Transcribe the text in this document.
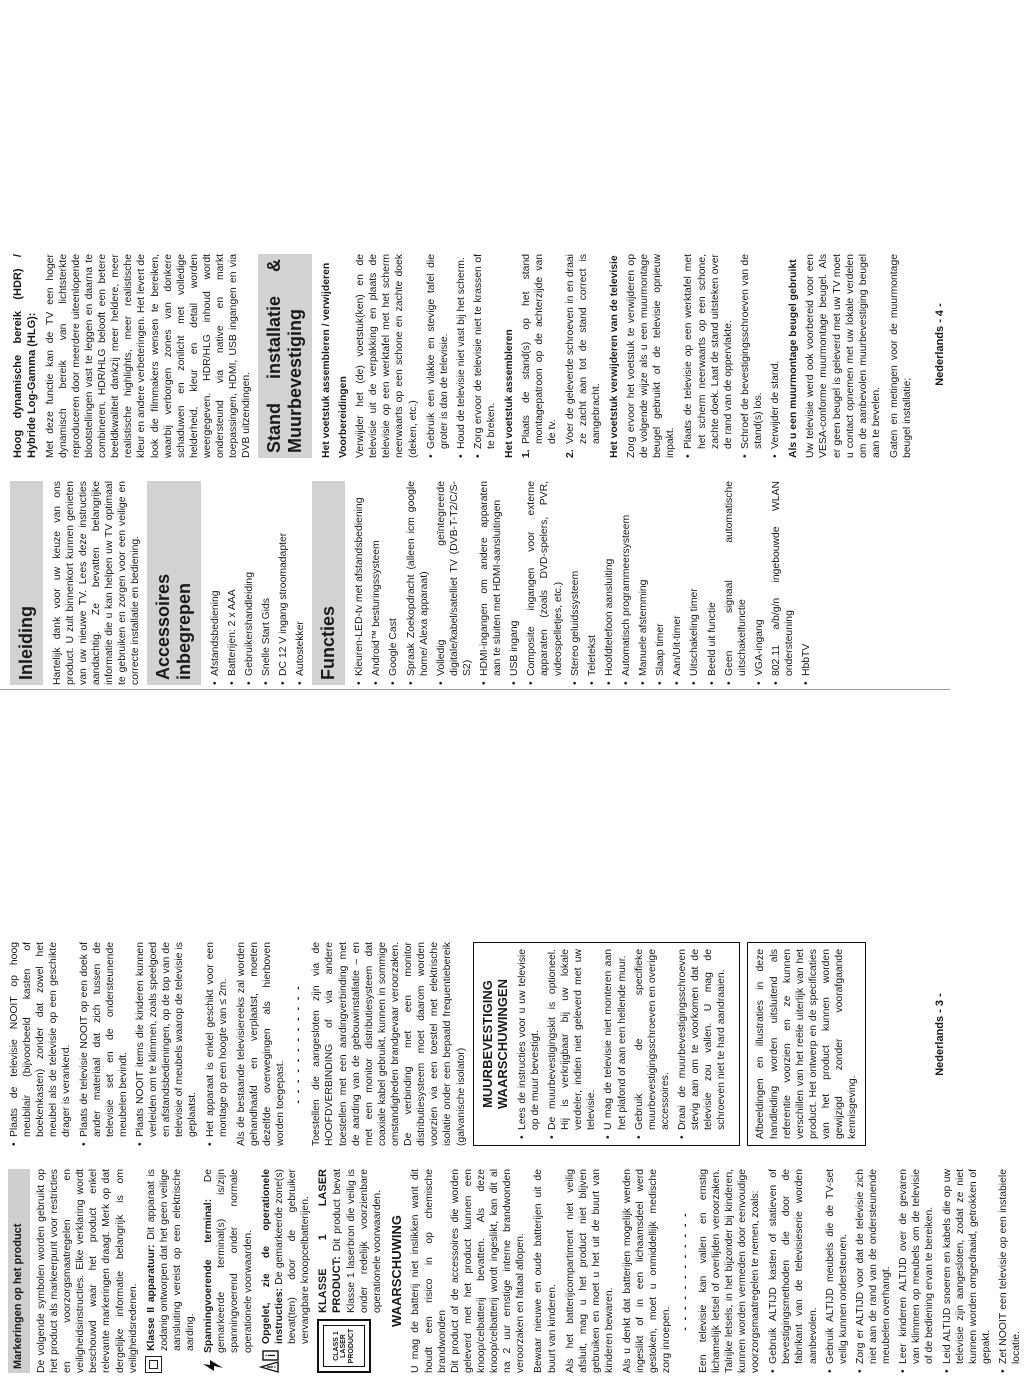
Markeringen op het product	De volgende symbolen worden gebruikt op het product als markeerpunt voor restricties en voorzorgsmaatregelen en veiligheidsinstructies. Elke verklaring wordt beschouwd waar het product enkel relevante markeringen draagt. Merk op dat dergelijke informatie belangrijk is om veiligheidsredenen. Klasse II apparatuur: Dit apparaat is zodanig ontworpen dat het geen veilige aansluiting vereist op een elektrische aarding. Spanningvoerende terminal: De gemarkeerde terminal(s) is/zijn spanningvoerend onder normale operationele voorwaarden. Opgelet, zie de operationele instructies: De gemarkeerde zone(s) bevat(ten) door de gebruiker vervangbare knoopcelbatterijen.
CLASS 1 LASER PRODUCT
KLASSE 1 LASER PRODUCT: Dit product bevat Klasse 1 laserbron die veilig is onder redelijk voorzienbare operationele voorwaarden. WAARSCHUWING U mag de batterij niet inslikken want dit houdt een risico in op chemische brandwonden Dit product of de accessoires die worden geleverd met het product kunnen een knoop/celbatterij bevatten. Als deze knoop/celbatterij wordt ingeslikt, kan dit al na 2 uur ernstige interne brandwonden veroorzaken en fataal aflopen. Bewaar nieuwe en oude batterijen uit de buurt van kinderen. Als het batterijcompartiment niet veilig afsluit, mag u het product niet blijven gebruiken en moet u het uit de buurt van kinderen bewaren. Als u denkt dat batterijen mogelijk werden ingeslikt of in een lichaamsdeel werd gestoken, moet u onmiddellijk medische zorg inroepen.

- - - - - - - - - - - - Een televisie kan vallen en ernstig lichamelijk letsel of overlijden veroorzaken. Talrijke letsels, in het bijzonder bij kinderen, kunnen worden vermeden door eenvoudige voorzorgsmaatregelen te nemen, zoals: • Gebruik ALTIJD kasten of statieven of bevestigingsmethoden die door de fabrikant van de televisieserie worden aanbevolen. • Gebruik ALTIJD meubels die de TV-set veilig kunnen ondersteunen. • Zorg er ALTIJD voor dat de televisie zich niet aan de rand van de ondersteunende meubelen overhangt. • Leer kinderen ALTIJD over de gevaren van klimmen op meubels om de televisie of de bediening ervan te bereiken. • Leid ALTIJD snoeren en kabels die op uw televisie zijn aangesloten, zodat ze niet kunnen worden omgedraaid, getrokken of gepakt. • Zet NOOIT een televisie op een instabiele locatie.
• Plaats de televisie NOOIT op hoog meubilair (bijvoorbeeld kasten of boekenkasten) zonder dat zowel het meubel als de televisie op een geschikte drager is verankerd. • Plaats de televisie NOOIT op een doek of ander materiaal dat zich tussen de televisie set en de ondersteunende meubelen bevindt. • Plaats NOOIT items die kinderen kunnen verleiden om te klimmen, zoals speelgoed en afstandsbedieningen, op de top van de televisie of meubels waarop de televisie is geplaatst. • Het apparaat is enkel geschikt voor een montage op een hoogte van ≤ 2m. Als de bestaande televisiereeks zal worden gehandhaafd en verplaatst, moeten dezelfde overwegingen als hierboven worden toegepast. - - - - - - - - - - - - Toestellen die aangesloten zijn via de HOOFDVERBINDING of via andere toestellen met een aardingverbinding met de aarding van de gebouwinstallatie – en met een monitor distributiesysteem dat coaxiale kabel gebruikt, kunnen in sommige omstandigheden brandgevaar veroorzaken. De verbinding met een monitor distributiesysteem moet daarom worden voorzien via een toestel met elektrische isolatie onder een bepaald frequentiebereik (galvanische isolator) MUURBEVESTIGING WAARSCHUWINGEN • Lees de instructies voor u uw televisie op de muur bevestigt. • De muurbevestigingskit is optioneel. Hij is verkrijgbaar bij uw lokale verdeler, indien niet geleverd met uw televisie. • U mag de televisie niet monteren aan het plafond of aan een hellende muur. • Gebruik de specifieke muurbevestigingsschroeven en overige accessoires. • Draai de muurbevestigingsschroeven stevig aan om te voorkomen dat de televisie zou vallen. U mag de schroeven niet te hard aandraaien.	Afbeeldingen en illustraties in deze handleiding worden uitsluitend als referentie voorzien en ze kunnen verschillen van het reële uiterlijk van het product. Het ontwerp en de specificaties van het product kunnen worden gewijzigd zonder voorafgaande kennisgeving.
Nederlands - 3 -
Inleiding	Hartelijk dank voor uw keuze van ons product. U zult binnenkort kunnen genieten van uw nieuwe TV. Lees deze instructies aandachtig. Ze bevatten belangrijke informatie die u kan helpen uw TV optimaal te gebruiken en zorgen voor een veilige en correcte installatie en bediening. Accessoires inbegrepen	• Afstandsbediening • Batterijen: 2 x AAA • Gebruikershandleiding • Snelle Start Gids • DC 12 V ingang stroomadapter • Autostekker Functies	• Kleuren-LED-tv met afstandsbediening • Android™ besturingssysteem • Google Cast • Spraak Zoekopdracht (alleen icm google home/ Alexa apparaat) • Volledig geïntegreerde digitale/kabel/satelliet TV (DVB-T-T2/C/S-S2) • HDMI-ingangen om andere apparaten aan te sluiten met HDMI-aansluitingen • USB ingang • Composite ingangen voor externe apparaten (zoals DVD-spelers, PVR, videospelletjes, etc.) • Stereo geluidssysteem • Teletekst • Hoofdtelefoon aansluiting • Automatisch programmeersysteem • Manuele afstemming • Slaap timer • Aan/Uit-timer • Uitschakeling timer • Beeld uit functie • Geen signaal automatische uitschakelfunctie • VGA-ingang • 802.11 a/b/g/n ingebouwde WLAN ondersteuning • HbbTV
Hoog dynamische bereik (HDR) / Hybride Log-Gamma (HLG): Met deze functie kan de TV een hoger dynamisch bereik van lichtsterkte reproduceren door meerdere uiteenlopende blootstellingen vast te leggen en daarna te combineren. HDR/HLG belooft een betere beeldkwaliteit dankzij meer heldere, meer realistische highlights, meer realistische kleur en andere verbeteringen. Het levert de look die filmmakers wensen te bereiken, waarbij verborgen zones van donkere schaduwen en zonlicht met volledige helderheid, kleur en detail worden weergegeven. HDR/HLG inhoud wordt ondersteund via native en markt toepassingen, HDMI, USB ingangen en via DVB uitzendingen. Stand installatie & Muurbevestiging	Het voetstuk assembleren / verwijderen Voorbereidingen Verwijder het (de) voetstuk(ken) en de televisie uit de verpakking en plaats de televisie op een werktafel met het scherm neerwaarts op een schone en zachte doek (deken, etc.) • Gebruik een vlakke en stevige tafel die groter is dan de televisie. • Houd de televisie niet vast bij het scherm. • Zorg ervoor de televisie niet te krassen of te breken. Het voetstuk assembleren 1.
Plaats de stand(s) op het stand montagepatroon op de achterzijde van de tv.
2.
Voer de geleverde schroeven in en draai ze zacht aan tot de stand correct is aangebracht. Het voetstuk verwijderen van de televisie Zorg ervoor het voetstuk te verwijderen op de volgende wijze als u een muurmontage beugel gebruikt of de televisie opnieuw inpakt. • Plaats de televisie op een werktafel met het scherm neerwaarts op een schone, zachte doek. Laat de stand uitsteken over de rand van de oppervlakte. • Schroef de bevestigingsschroeven van de stand(s) los. • Verwijder de stand. Als u een muurmontage beugel gebruikt Uw televisie werd ook voorbereid voor een VESA-conforme muurmontage beugel. Als er geen beugel is geleverd met uw TV moet u contact opnemen met uw lokale verdelen om de aanbevolen muurbevestiging beugel aan te bevelen. Gaten en metingen voor de muurmontage beugel installatie;

Nederlands - 4 -
